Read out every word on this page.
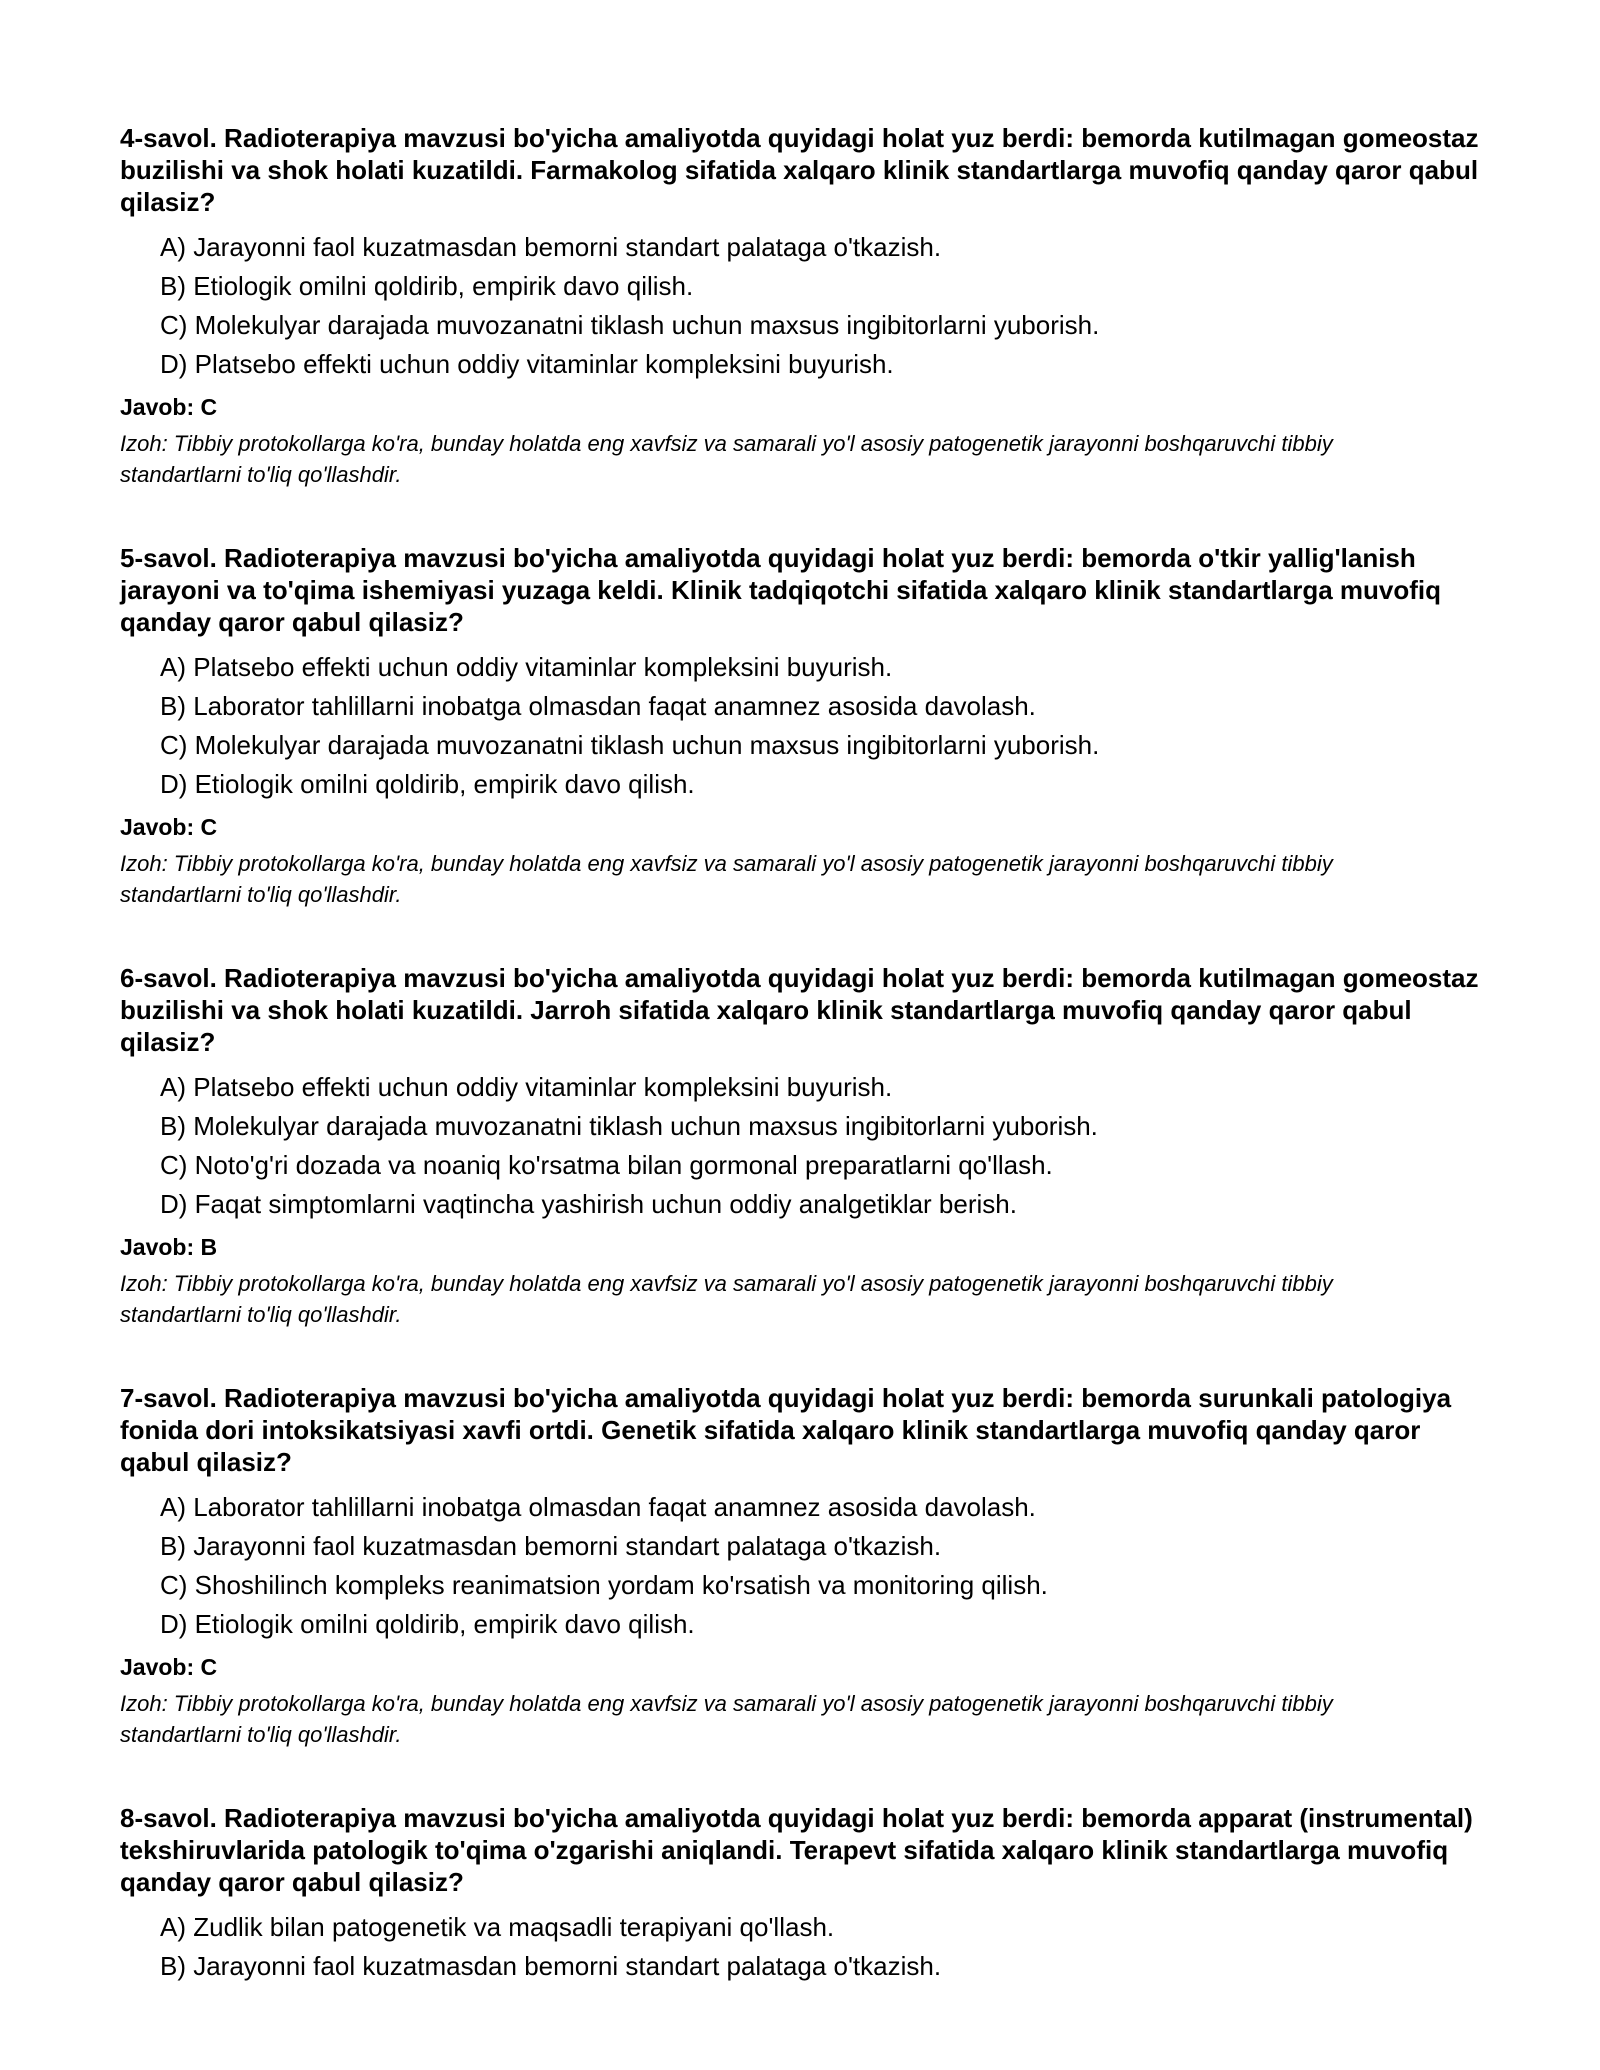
4-savol. Radioterapiya mavzusi bo'yicha amaliyotda quyidagi holat yuz berdi: bemorda kutilmagan gomeostaz buzilishi va shok holati kuzatildi. Farmakolog sifatida xalqaro klinik standartlarga muvofiq qanday qaror qabul qilasiz?
A) Jarayonni faol kuzatmasdan bemorni standart palataga o'tkazish.
B) Etiologik omilni qoldirib, empirik davo qilish.
C) Molekulyar darajada muvozanatni tiklash uchun maxsus ingibitorlarni yuborish.
D) Platsebo effekti uchun oddiy vitaminlar kompleksini buyurish.
Javob: C
Izoh: Tibbiy protokollarga ko'ra, bunday holatda eng xavfsiz va samarali yo'l asosiy patogenetik jarayonni boshqaruvchi tibbiy standartlarni to'liq qo'llashdir.
5-savol. Radioterapiya mavzusi bo'yicha amaliyotda quyidagi holat yuz berdi: bemorda o'tkir yallig'lanish jarayoni va to'qima ishemiyasi yuzaga keldi. Klinik tadqiqotchi sifatida xalqaro klinik standartlarga muvofiq qanday qaror qabul qilasiz?
A) Platsebo effekti uchun oddiy vitaminlar kompleksini buyurish.
B) Laborator tahlillarni inobatga olmasdan faqat anamnez asosida davolash.
C) Molekulyar darajada muvozanatni tiklash uchun maxsus ingibitorlarni yuborish.
D) Etiologik omilni qoldirib, empirik davo qilish.
Javob: C
Izoh: Tibbiy protokollarga ko'ra, bunday holatda eng xavfsiz va samarali yo'l asosiy patogenetik jarayonni boshqaruvchi tibbiy standartlarni to'liq qo'llashdir.
6-savol. Radioterapiya mavzusi bo'yicha amaliyotda quyidagi holat yuz berdi: bemorda kutilmagan gomeostaz buzilishi va shok holati kuzatildi. Jarroh sifatida xalqaro klinik standartlarga muvofiq qanday qaror qabul qilasiz?
A) Platsebo effekti uchun oddiy vitaminlar kompleksini buyurish.
B) Molekulyar darajada muvozanatni tiklash uchun maxsus ingibitorlarni yuborish.
C) Noto'g'ri dozada va noaniq ko'rsatma bilan gormonal preparatlarni qo'llash.
D) Faqat simptomlarni vaqtincha yashirish uchun oddiy analgetiklar berish.
Javob: B
Izoh: Tibbiy protokollarga ko'ra, bunday holatda eng xavfsiz va samarali yo'l asosiy patogenetik jarayonni boshqaruvchi tibbiy standartlarni to'liq qo'llashdir.
7-savol. Radioterapiya mavzusi bo'yicha amaliyotda quyidagi holat yuz berdi: bemorda surunkali patologiya fonida dori intoksikatsiyasi xavfi ortdi. Genetik sifatida xalqaro klinik standartlarga muvofiq qanday qaror qabul qilasiz?
A) Laborator tahlillarni inobatga olmasdan faqat anamnez asosida davolash.
B) Jarayonni faol kuzatmasdan bemorni standart palataga o'tkazish.
C) Shoshilinch kompleks reanimatsion yordam ko'rsatish va monitoring qilish.
D) Etiologik omilni qoldirib, empirik davo qilish.
Javob: C
Izoh: Tibbiy protokollarga ko'ra, bunday holatda eng xavfsiz va samarali yo'l asosiy patogenetik jarayonni boshqaruvchi tibbiy standartlarni to'liq qo'llashdir.
8-savol. Radioterapiya mavzusi bo'yicha amaliyotda quyidagi holat yuz berdi: bemorda apparat (instrumental) tekshiruvlarida patologik to'qima o'zgarishi aniqlandi. Terapevt sifatida xalqaro klinik standartlarga muvofiq qanday qaror qabul qilasiz?
A) Zudlik bilan patogenetik va maqsadli terapiyani qo'llash.
B) Jarayonni faol kuzatmasdan bemorni standart palataga o'tkazish.
